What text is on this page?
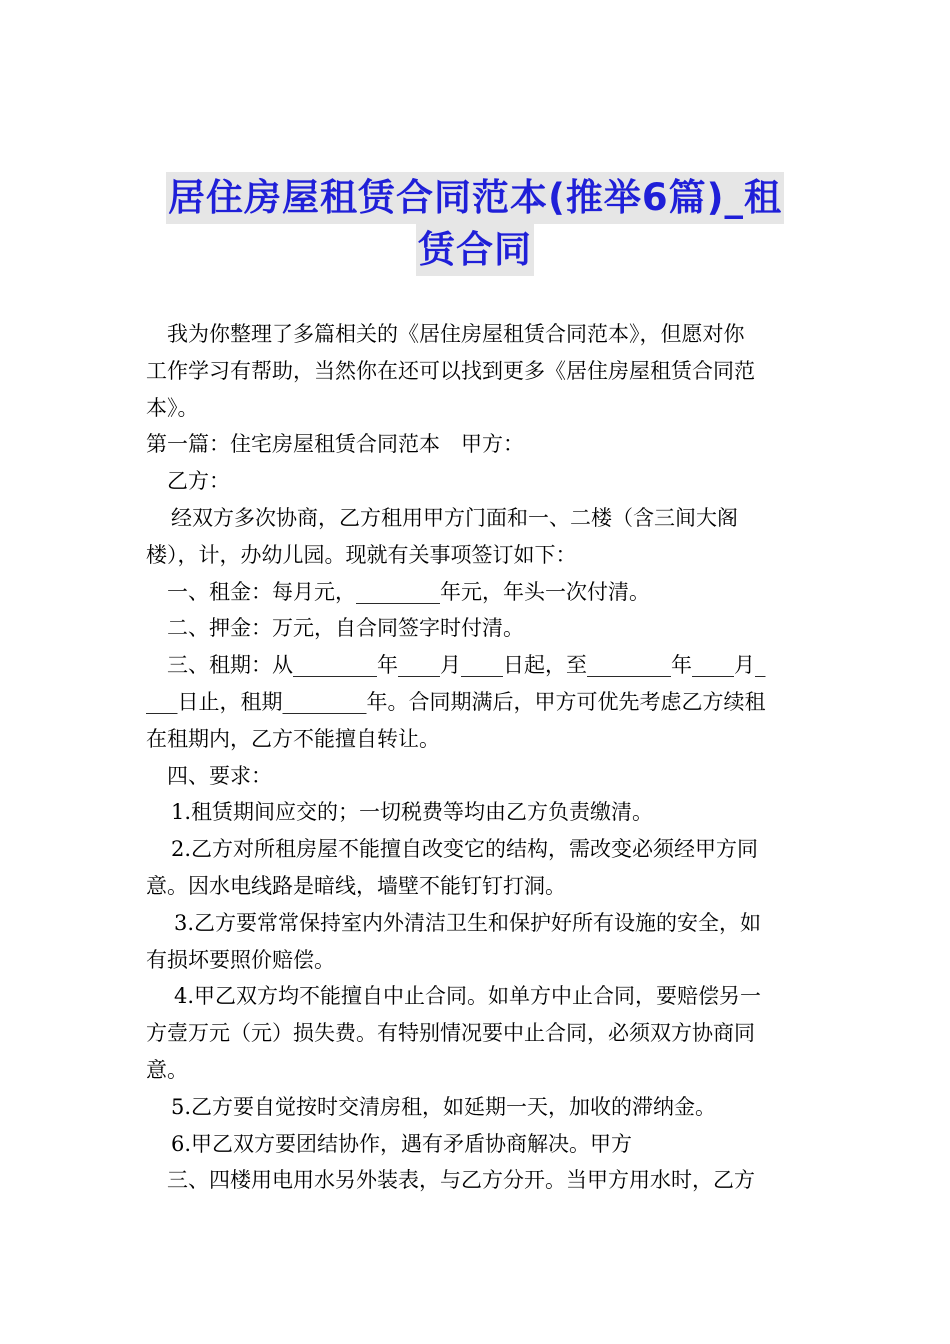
居住房屋租赁合同范本(推举6篇)_租
赁合同

我为你整理了多篇相关的《居住房屋租赁合同范本》，但愿对你

工作学习有帮助，当然你在还可以找到更多《居住房屋租赁合同范

本》。

第一篇：住宅房屋租赁合同范本　甲方：

乙方：

经双方多次协商，乙方租用甲方门面和一、二楼（含三间大阁

楼），计，办幼儿园。现就有关事项签订如下：

一、租金：每月元，________年元，年头一次付清。

二、押金：万元，自合同签字时付清。

三、租期：从________年____月____日起，至________年____月_

___日止，租期________年。合同期满后，甲方可优先考虑乙方续租

在租期内，乙方不能擅自转让。

四、要求：

1.租赁期间应交的；一切税费等均由乙方负责缴清。

2.乙方对所租房屋不能擅自改变它的结构，需改变必须经甲方同

意。因水电线路是暗线，墙壁不能钉钉打洞。

3.乙方要常常保持室内外清洁卫生和保护好所有设施的安全，如

有损坏要照价赔偿。

4.甲乙双方均不能擅自中止合同。如单方中止合同，要赔偿另一

方壹万元（元）损失费。有特别情况要中止合同，必须双方协商同

意。

5.乙方要自觉按时交清房租，如延期一天，加收的滞纳金。

6.甲乙双方要团结协作，遇有矛盾协商解决。甲方

三、四楼用电用水另外装表，与乙方分开。当甲方用水时，乙方
